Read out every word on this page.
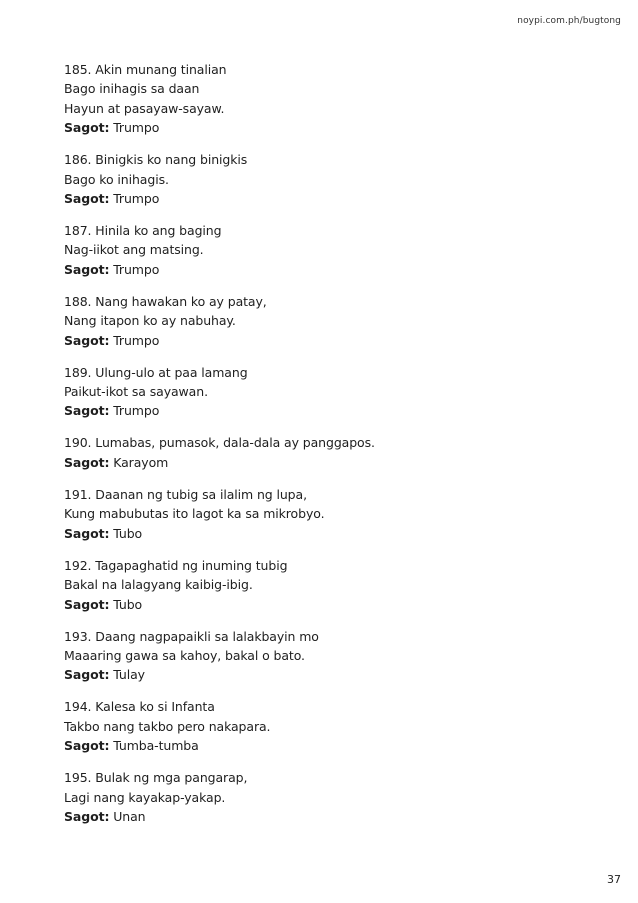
noypi.com.ph/bugtong
185. Akin munang tinalian
Bago inihagis sa daan
Hayun at pasayaw-sayaw.
Sagot: Trumpo
186. Binigkis ko nang binigkis
Bago ko inihagis.
Sagot: Trumpo
187. Hinila ko ang baging
Nag-iikot ang matsing.
Sagot: Trumpo
188. Nang hawakan ko ay patay,
Nang itapon ko ay nabuhay.
Sagot: Trumpo
189. Ulung-ulo at paa lamang
Paikut-ikot sa sayawan.
Sagot: Trumpo
190. Lumabas, pumasok, dala-dala ay panggapos.
Sagot: Karayom
191. Daanan ng tubig sa ilalim ng lupa,
Kung mabubutas ito lagot ka sa mikrobyo.
Sagot: Tubo
192. Tagapaghatid ng inuming tubig
Bakal na lalagyang kaibig-ibig.
Sagot: Tubo
193. Daang nagpapaikli sa lalakbayin mo
Maaaring gawa sa kahoy, bakal o bato.
Sagot: Tulay
194. Kalesa ko si Infanta
Takbo nang takbo pero nakapara.
Sagot: Tumba-tumba
195. Bulak ng mga pangarap,
Lagi nang kayakap-yakap.
Sagot: Unan
37
